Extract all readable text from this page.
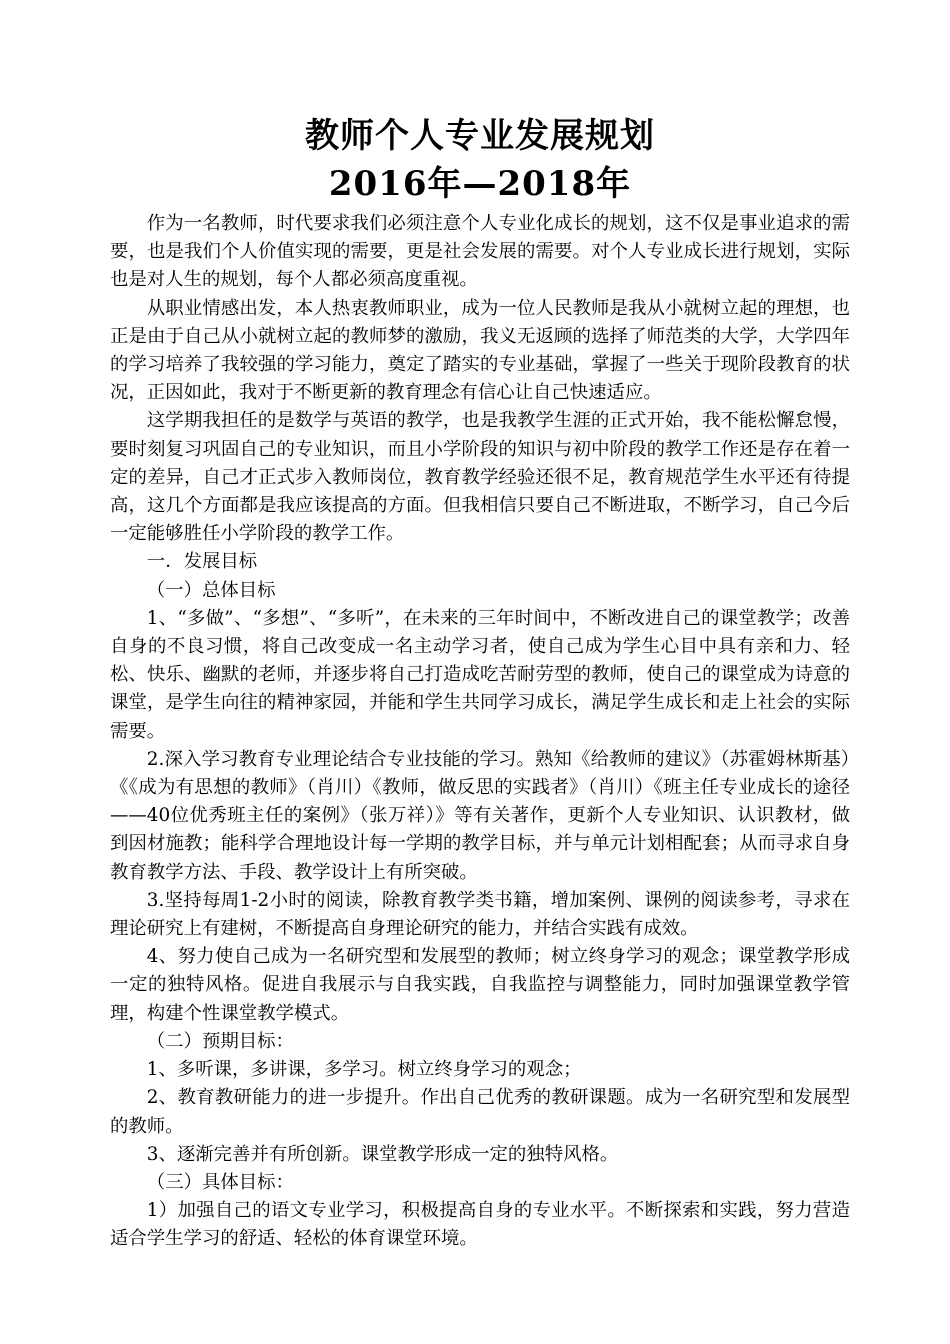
教师个人专业发展规划
2016年—2018年

作为一名教师，时代要求我们必须注意个人专业化成长的规划，这不仅是事业追求的需要，也是我们个人价值实现的需要，更是社会发展的需要。对个人专业成长进行规划，实际也是对人生的规划，每个人都必须高度重视。

从职业情感出发，本人热衷教师职业，成为一位人民教师是我从小就树立起的理想，也正是由于自己从小就树立起的教师梦的激励，我义无返顾的选择了师范类的大学，大学四年的学习培养了我较强的学习能力，奠定了踏实的专业基础，掌握了一些关于现阶段教育的状况，正因如此，我对于不断更新的教育理念有信心让自己快速适应。

这学期我担任的是数学与英语的教学，也是我教学生涯的正式开始，我不能松懈怠慢，要时刻复习巩固自己的专业知识，而且小学阶段的知识与初中阶段的教学工作还是存在着一定的差异，自己才正式步入教师岗位，教育教学经验还很不足，教育规范学生水平还有待提高，这几个方面都是我应该提高的方面。但我相信只要自己不断进取，不断学习，自己今后一定能够胜任小学阶段的教学工作。

一．发展目标

（一）总体目标

1、“多做”、“多想”、“多听”，在未来的三年时间中，不断改进自己的课堂教学；改善自身的不良习惯，将自己改变成一名主动学习者，使自己成为学生心目中具有亲和力、轻松、快乐、幽默的老师，并逐步将自己打造成吃苦耐劳型的教师，使自己的课堂成为诗意的课堂，是学生向往的精神家园，并能和学生共同学习成长，满足学生成长和走上社会的实际需要。

2.深入学习教育专业理论结合专业技能的学习。熟知《给教师的建议》（苏霍姆林斯基）《《成为有思想的教师》（肖川）《教师，做反思的实践者》（肖川）《班主任专业成长的途径——40位优秀班主任的案例》（张万祥）》等有关著作，更新个人专业知识、认识教材，做到因材施教；能科学合理地设计每一学期的教学目标，并与单元计划相配套；从而寻求自身教育教学方法、手段、教学设计上有所突破。

3.坚持每周1-2小时的阅读，除教育教学类书籍，增加案例、课例的阅读参考，寻求在理论研究上有建树，不断提高自身理论研究的能力，并结合实践有成效。

4、努力使自己成为一名研究型和发展型的教师；树立终身学习的观念；课堂教学形成一定的独特风格。促进自我展示与自我实践，自我监控与调整能力，同时加强课堂教学管理，构建个性课堂教学模式。

（二）预期目标：

1、多听课，多讲课，多学习。树立终身学习的观念；

2、教育教研能力的进一步提升。作出自己优秀的教研课题。成为一名研究型和发展型的教师。

3、逐渐完善并有所创新。课堂教学形成一定的独特风格。

（三）具体目标：

1）加强自己的语文专业学习，积极提高自身的专业水平。不断探索和实践，努力营造适合学生学习的舒适、轻松的体育课堂环境。
